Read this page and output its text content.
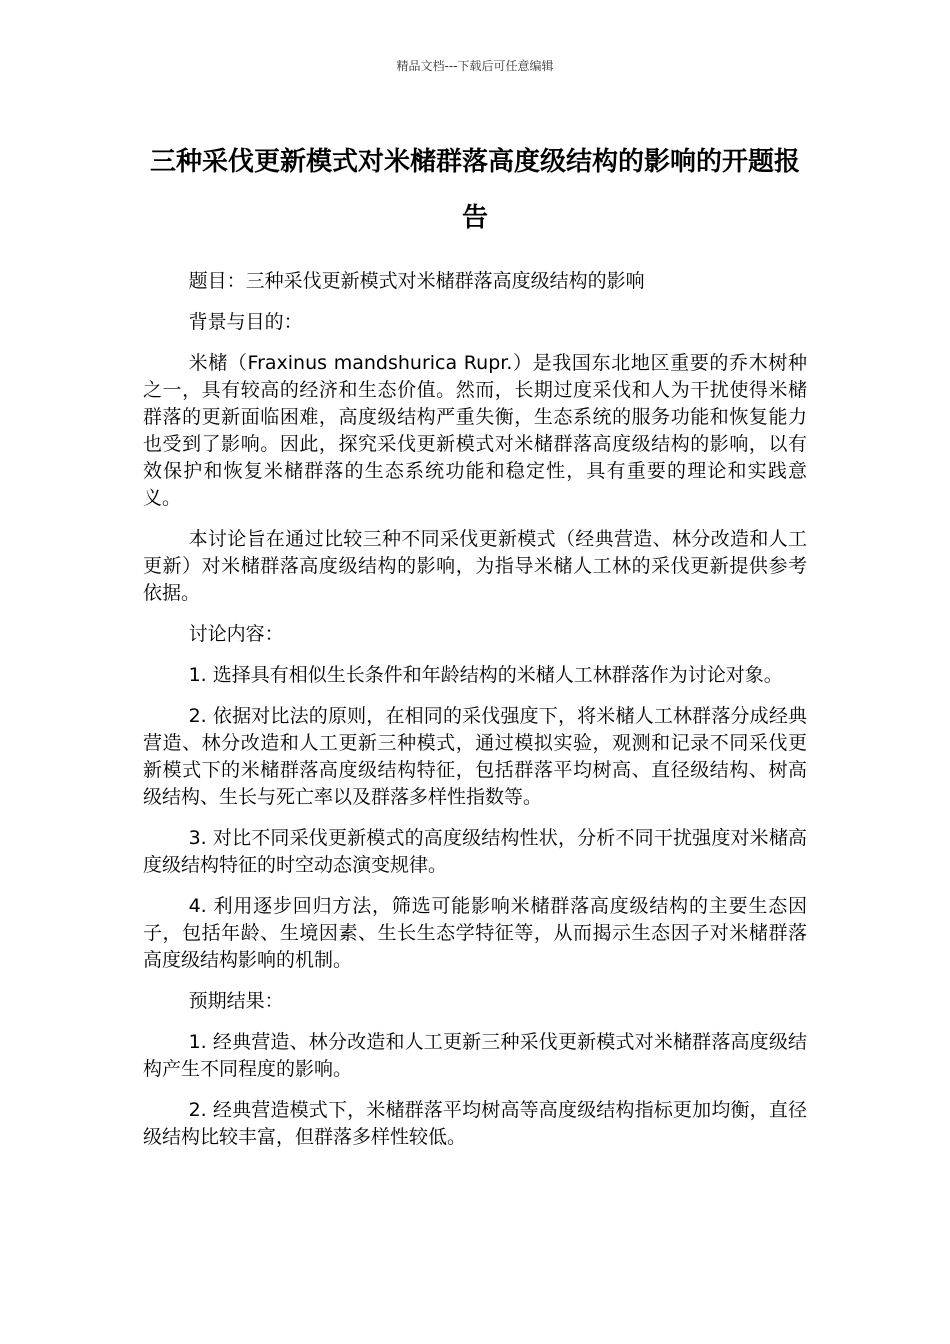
精品文档---下载后可任意编辑
三种采伐更新模式对米槠群落高度级结构的影响的开题报告

题目：三种采伐更新模式对米槠群落高度级结构的影响

背景与目的：

米槠（Fraxinus mandshurica Rupr.）是我国东北地区重要的乔木树种之一，具有较高的经济和生态价值。然而，长期过度采伐和人为干扰使得米槠群落的更新面临困难，高度级结构严重失衡，生态系统的服务功能和恢复能力也受到了影响。因此，探究采伐更新模式对米槠群落高度级结构的影响，以有效保护和恢复米槠群落的生态系统功能和稳定性，具有重要的理论和实践意义。

本讨论旨在通过比较三种不同采伐更新模式（经典营造、林分改造和人工更新）对米槠群落高度级结构的影响，为指导米槠人工林的采伐更新提供参考依据。

讨论内容：

1. 选择具有相似生长条件和年龄结构的米槠人工林群落作为讨论对象。

2. 依据对比法的原则，在相同的采伐强度下，将米槠人工林群落分成经典营造、林分改造和人工更新三种模式，通过模拟实验，观测和记录不同采伐更新模式下的米槠群落高度级结构特征，包括群落平均树高、直径级结构、树高级结构、生长与死亡率以及群落多样性指数等。

3. 对比不同采伐更新模式的高度级结构性状，分析不同干扰强度对米槠高度级结构特征的时空动态演变规律。

4. 利用逐步回归方法，筛选可能影响米槠群落高度级结构的主要生态因子，包括年龄、生境因素、生长生态学特征等，从而揭示生态因子对米槠群落高度级结构影响的机制。

预期结果：

1. 经典营造、林分改造和人工更新三种采伐更新模式对米槠群落高度级结构产生不同程度的影响。

2. 经典营造模式下，米槠群落平均树高等高度级结构指标更加均衡，直径级结构比较丰富，但群落多样性较低。
